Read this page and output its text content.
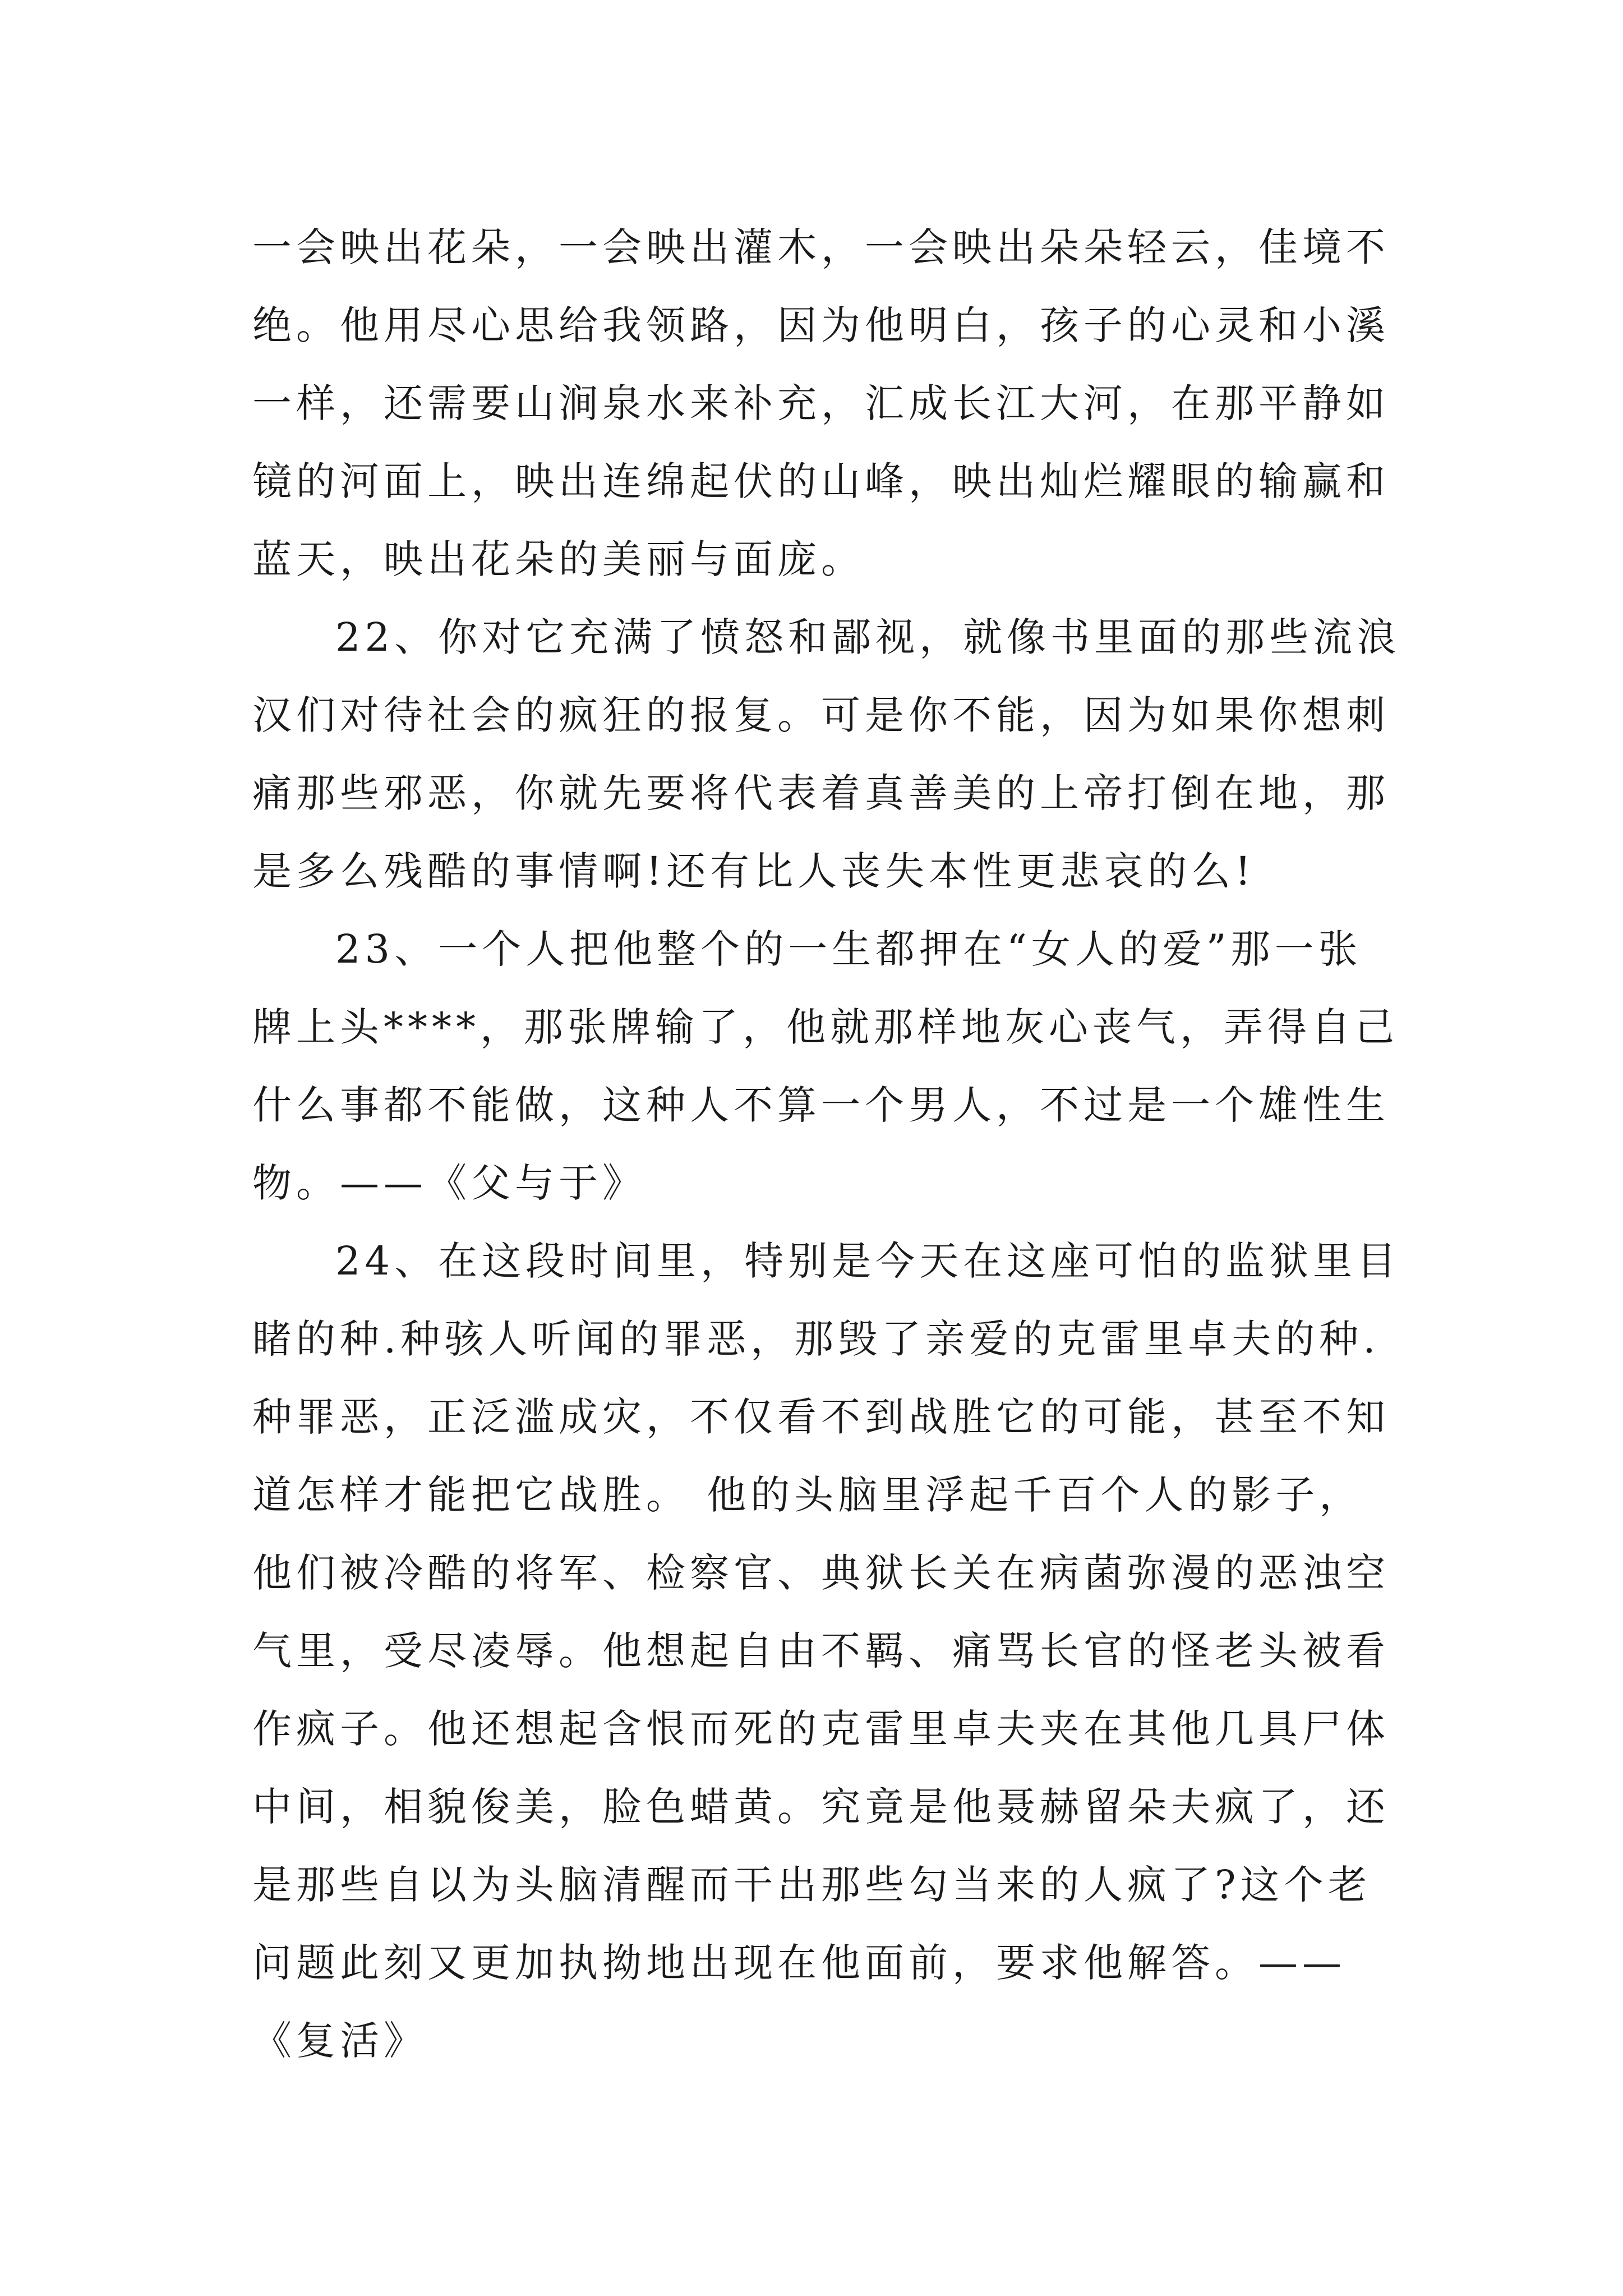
一会映出花朵，一会映出灌木，一会映出朵朵轻云，佳境不
绝。他用尽心思给我领路，因为他明白，孩子的心灵和小溪
一样，还需要山涧泉水来补充，汇成长江大河，在那平静如
镜的河面上，映出连绵起伏的山峰，映出灿烂耀眼的输赢和
蓝天，映出花朵的美丽与面庞。
22、你对它充满了愤怒和鄙视，就像书里面的那些流浪
汉们对待社会的疯狂的报复。可是你不能，因为如果你想刺
痛那些邪恶，你就先要将代表着真善美的上帝打倒在地，那
是多么残酷的事情啊!还有比人丧失本性更悲哀的么!
23、一个人把他整个的一生都押在“女人的爱”那一张
牌上头****，那张牌输了，他就那样地灰心丧气，弄得自己
什么事都不能做，这种人不算一个男人，不过是一个雄性生
物。——《父与于》
24、在这段时间里，特别是今天在这座可怕的监狱里目
睹的种.种骇人听闻的罪恶，那毁了亲爱的克雷里卓夫的种.
种罪恶，正泛滥成灾，不仅看不到战胜它的可能，甚至不知
道怎样才能把它战胜。 他的头脑里浮起千百个人的影子，
他们被冷酷的将军、检察官、典狱长关在病菌弥漫的恶浊空
气里，受尽凌辱。他想起自由不羁、痛骂长官的怪老头被看
作疯子。他还想起含恨而死的克雷里卓夫夹在其他几具尸体
中间，相貌俊美，脸色蜡黄。究竟是他聂赫留朵夫疯了，还
是那些自以为头脑清醒而干出那些勾当来的人疯了?这个老
问题此刻又更加执拗地出现在他面前，要求他解答。——
《复活》
